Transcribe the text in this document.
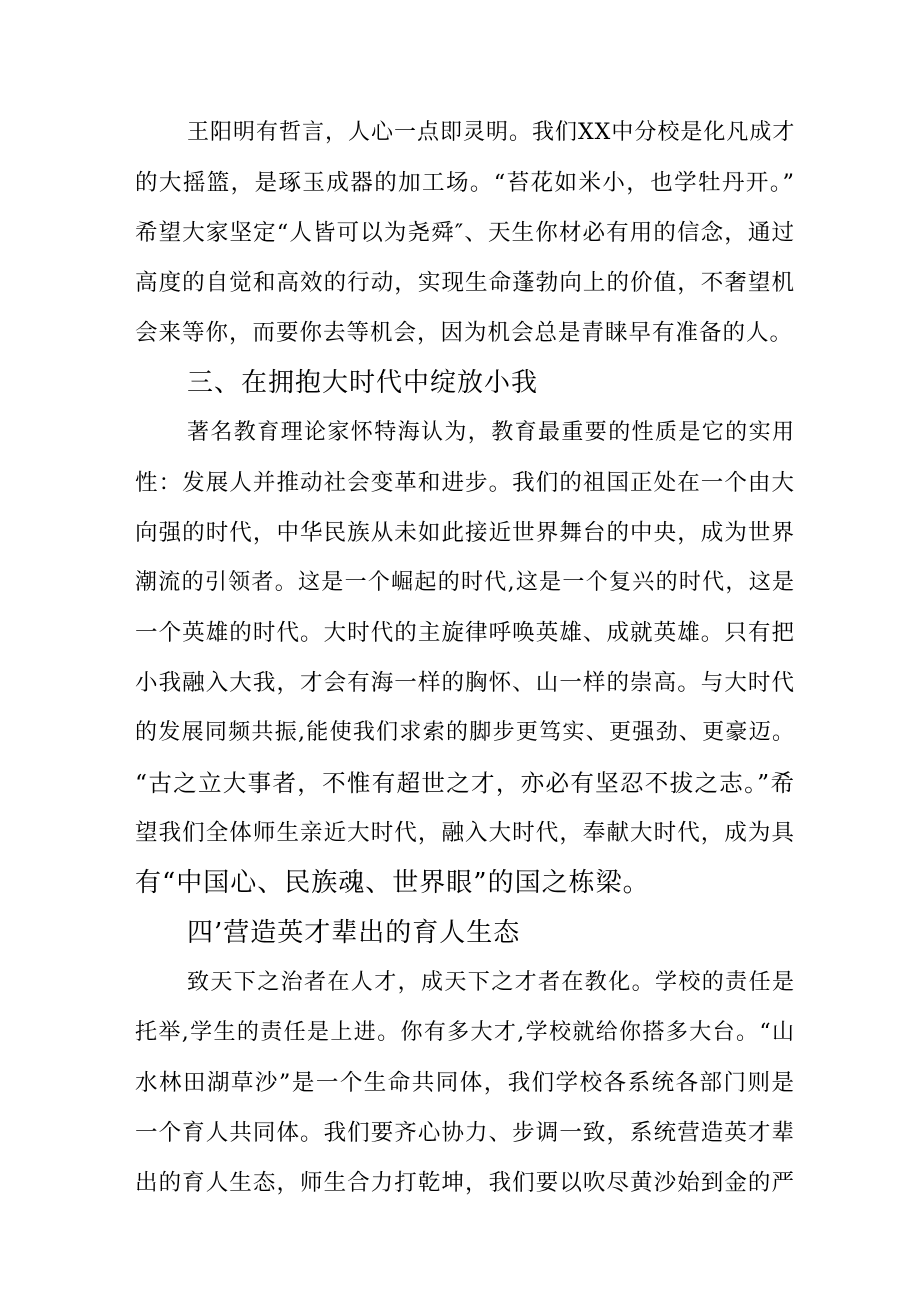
王阳明有哲言，人心一点即灵明。我们XX中分校是化凡成才
的大摇篮，是琢玉成器的加工场。“苔花如米小，也学牡丹开。”
希望大家坚定“人皆可以为尧舜″、天生你材必有用的信念，通过
高度的自觉和高效的行动，实现生命蓬勃向上的价值，不奢望机
会来等你，而要你去等机会，因为机会总是青睐早有准备的人。
三、在拥抱大时代中绽放小我
著名教育理论家怀特海认为，教育最重要的性质是它的实用
性：发展人并推动社会变革和进步。我们的祖国正处在一个由大
向强的时代，中华民族从未如此接近世界舞台的中央，成为世界
潮流的引领者。这是一个崛起的时代,这是一个复兴的时代，这是
一个英雄的时代。大时代的主旋律呼唤英雄、成就英雄。只有把
小我融入大我，才会有海一样的胸怀、山一样的崇高。与大时代
的发展同频共振,能使我们求索的脚步更笃实、更强劲、更豪迈。
“古之立大事者，不惟有超世之才，亦必有坚忍不拔之志。”希
望我们全体师生亲近大时代，融入大时代，奉献大时代，成为具
有“中国心、民族魂、世界眼”的国之栋梁。
四’营造英才辈出的育人生态
致天下之治者在人才，成天下之才者在教化。学校的责任是
托举,学生的责任是上进。你有多大才,学校就给你搭多大台。“山
水林田湖草沙”是一个生命共同体，我们学校各系统各部门则是
一个育人共同体。我们要齐心协力、步调一致，系统营造英才辈
出的育人生态，师生合力打乾坤，我们要以吹尽黄沙始到金的严
